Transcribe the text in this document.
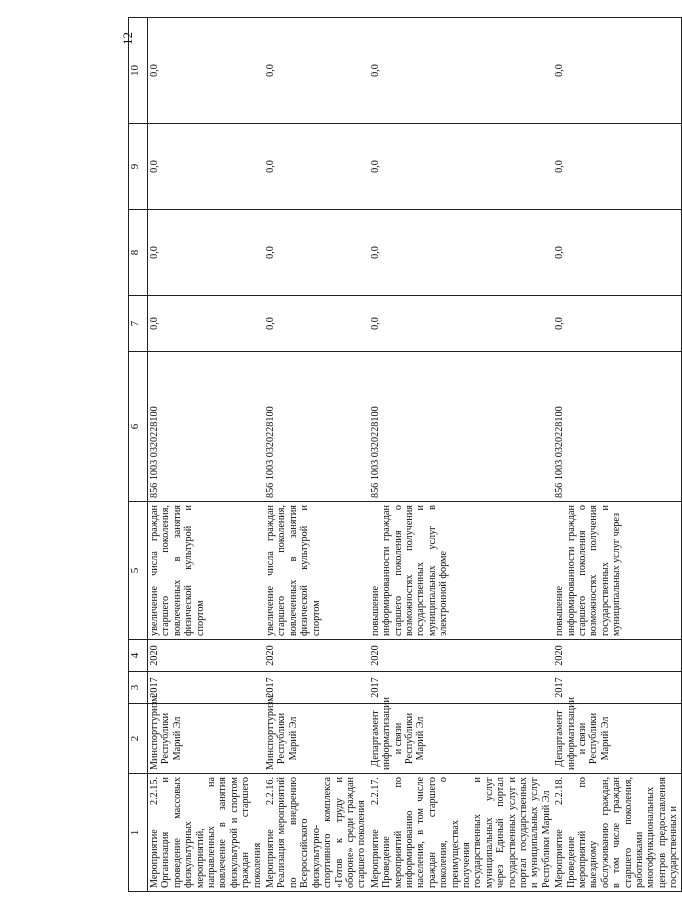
12
1	2	3	4	5	6	7	8	9	10
Мероприятие 2.2.15. Организация и проведение массовых физкультурных мероприятий, направленных на вовлечение в занятия физкультурой и спортом граждан старшего поколения	Минспорттуризм Республики Марий Эл	2017	2020	увеличение числа граждан старшего поколения, вовлеченных в занятия физической культурой и спортом	856 1003 0320228100	0,0	0,0	0,0	0,0
Мероприятие 2.2.16. Реализация мероприятий по внедрению Всероссийского физкультурно-спортивного комплекса «Готов к труду и обороне» среди граждан старшего поколения	Минспорттуризм Республики Марий Эл	2017	2020	увеличение числа граждан старшего поколения, вовлеченных в занятия физической культурой и спортом	856 1003 0320228100	0,0	0,0	0,0	0,0
Мероприятие 2.2.17. Проведение мероприятий по информированию населения, в том числе граждан старшего поколения, о преимуществах получения государственных и муниципальных услуг через Единый портал государственных услуг и портал государственных и муниципальных услуг Республики Марий Эл	Департамент информатизации и связи Республики Марий Эл	2017	2020	повышение информированности граждан старшего поколения о возможностях получения государственных и муниципальных услуг в электронной форме	856 1003 0320228100	0,0	0,0	0,0	0,0
Мероприятие 2.2.18. Проведение мероприятий по выездному обслуживанию граждан, в том числе граждан старшего поколения, работниками многофункциональных центров предоставления государственных и	Департамент информатизации и связи Республики Марий Эл	2017	2020	повышение информированности граждан старшего поколения о возможностях получения государственных и муниципальных услуг через	856 1003 0320228100	0,0	0,0	0,0	0,0
